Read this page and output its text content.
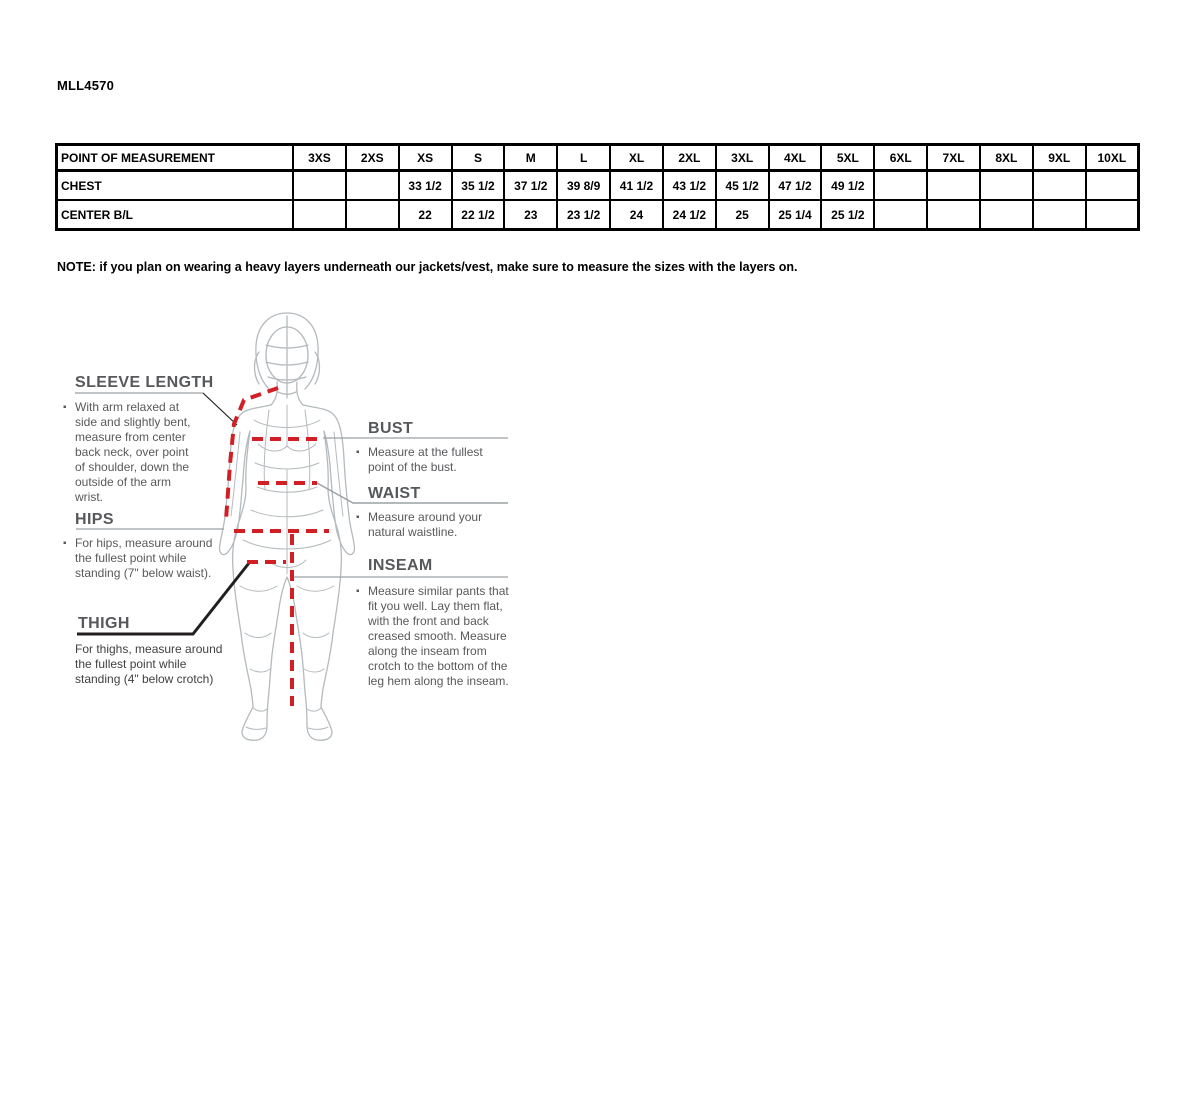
MLL4570
POINT OF MEASUREMENT	3XS	2XS	XS	S	M	L	XL	2XL	3XL	4XL	5XL	6XL	7XL	8XL	9XL	10XL
CHEST			33 1/2	35 1/2	37 1/2	39 8/9	41 1/2	43 1/2	45 1/2	47 1/2	49 1/2					
CENTER B/L			22	22 1/2	23	23 1/2	24	24 1/2	25	25 1/4	25 1/2					
NOTE: if you plan on wearing a heavy layers underneath our jackets/vest, make sure to measure the sizes with the layers on.
SLEEVE LENGTH
▪ With arm relaxed at side and slightly bent, measure from center back neck, over point of shoulder, down the outside of the arm wrist.
HIPS
▪ For hips, measure around the fullest point while standing (7" below waist).
THIGH
For thighs, measure around the fullest point while standing (4" below crotch)
BUST
▪ Measure at the fullest point of the bust.
WAIST
▪ Measure around your natural waistline.
INSEAM
▪ Measure similar pants that fit you well. Lay them flat, with the front and back creased smooth. Measure along the inseam from crotch to the bottom of the leg hem along the inseam.
